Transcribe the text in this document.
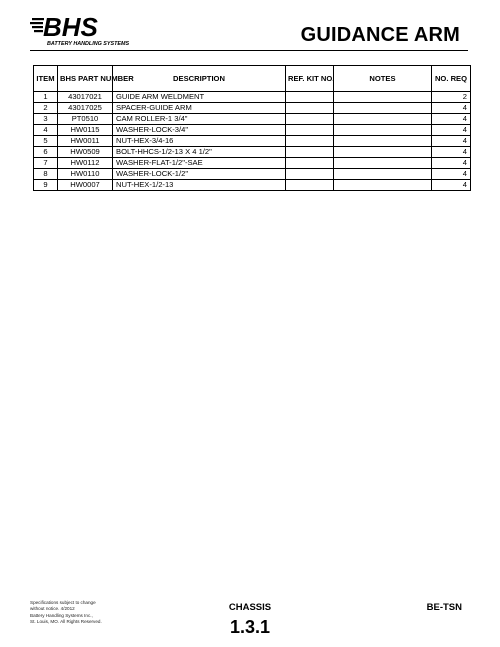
BHS
BATTERY HANDLING SYSTEMS	GUIDANCE ARM
ITEM	BHS PART NUMBER	DESCRIPTION	REF. KIT NO.	NOTES	NO. REQ
1	43017021	GUIDE ARM WELDMENT			2
2	43017025	SPACER-GUIDE ARM			4
3	PT0510	CAM ROLLER-1 3/4"			4
4	HW0115	WASHER-LOCK-3/4"			4
5	HW0011	NUT-HEX-3/4-16			4
6	HW0509	BOLT-HHCS-1/2-13 X 4 1/2"			4
7	HW0112	WASHER-FLAT-1/2"-SAE			4
8	HW0110	WASHER-LOCK-1/2"			4
9	HW0007	NUT-HEX-1/2-13			4
Specifications subject to change
without notice. 4/2012
Battery Handling Systems Inc.,
St. Louis, MO. All Rights Reserved.
CHASSIS
1.3.1
BE-TSN
